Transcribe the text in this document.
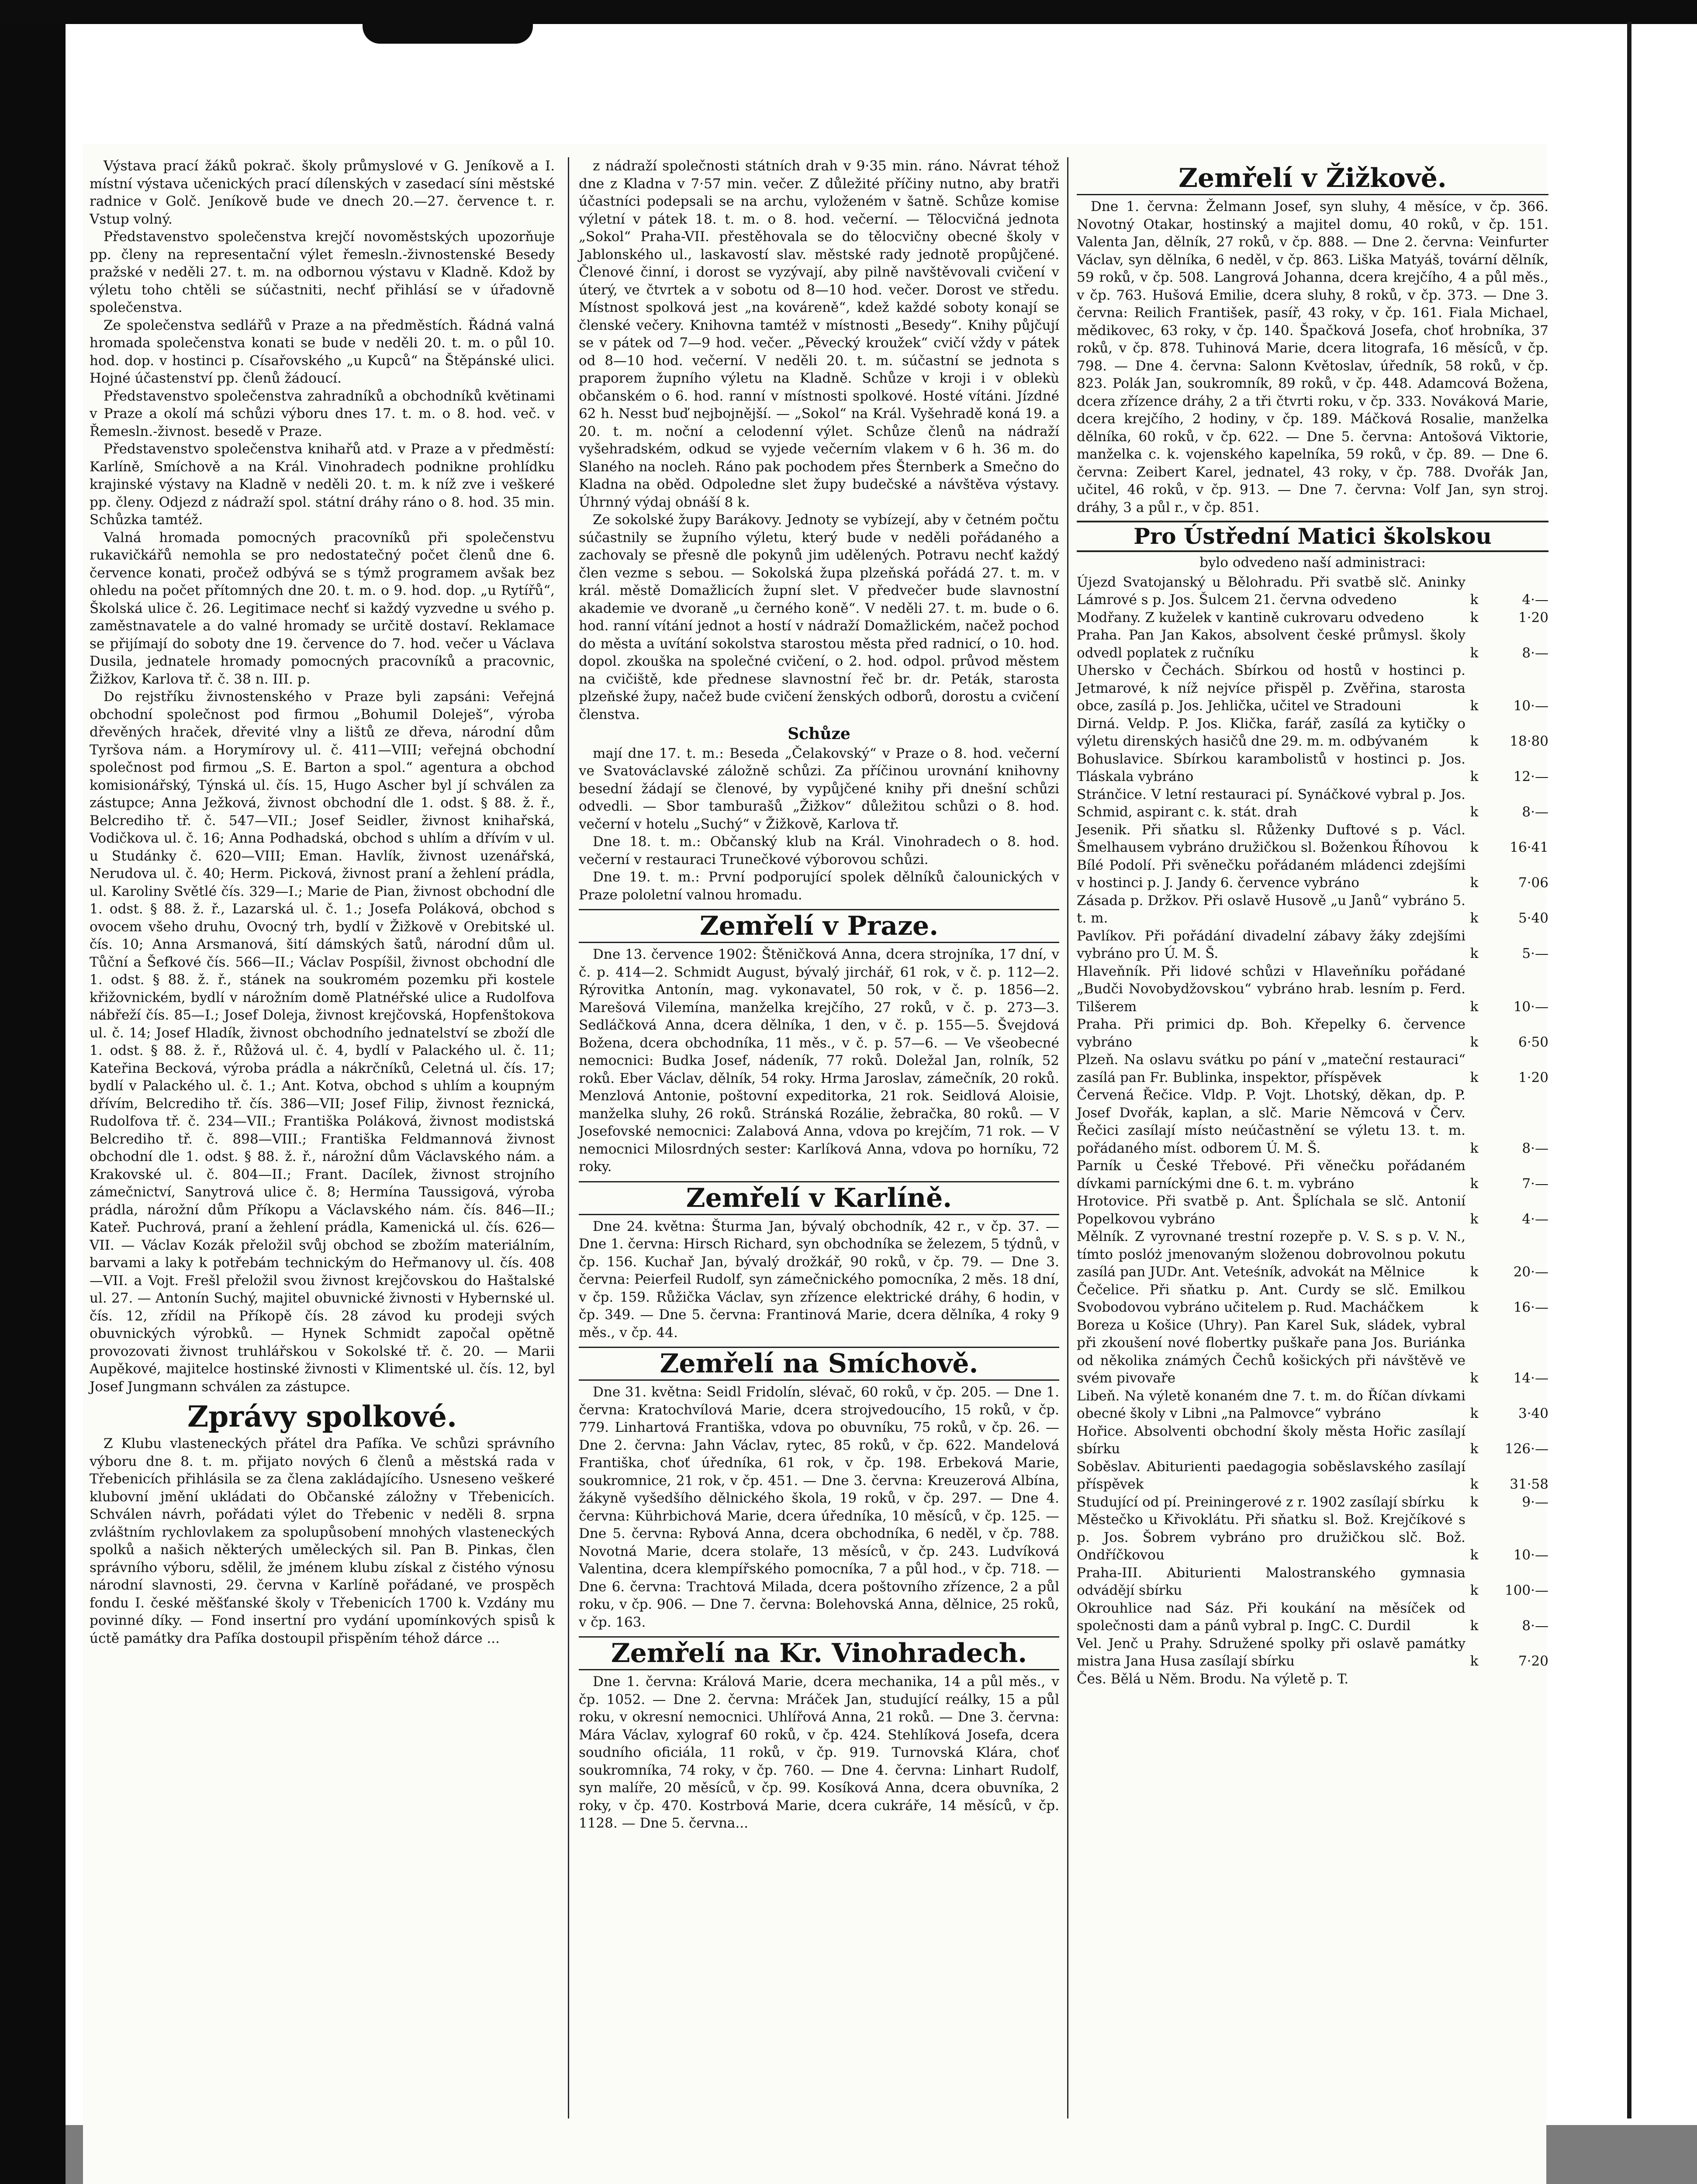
Výstava prací žáků pokrač. školy průmyslové v G. Jeníkově a I. místní výstava učenických prací dílenských v zasedací síni městské radnice v Golč. Jeníkově bude ve dnech 20.—27. července t. r. Vstup volný.

Představenstvo společenstva krejčí novoměstských upozorňuje pp. členy na representační výlet řemesln.-živnostenské Besedy pražské v neděli 27. t. m. na odbornou výstavu v Kladně. Kdož by výletu toho chtěli se súčastniti, nechť přihlásí se v úřadovně společenstva.

Ze společenstva sedlářů v Praze a na předměstích. Řádná valná hromada společenstva konati se bude v neděli 20. t. m. o půl 10. hod. dop. v hostinci p. Císařovského „u Kupců“ na Štěpánské ulici. Hojné účastenství pp. členů žádoucí.

Představenstvo společenstva zahradníků a obchodníků květinami v Praze a okolí má schůzi výboru dnes 17. t. m. o 8. hod. več. v Řemesln.-živnost. besedě v Praze.

Představenstvo společenstva knihařů atd. v Praze a v předměstí: Karlíně, Smíchově a na Král. Vinohradech podnikne prohlídku krajinské výstavy na Kladně v neděli 20. t. m. k níž zve i veškeré pp. členy. Odjezd z nádraží spol. státní dráhy ráno o 8. hod. 35 min. Schůzka tamtéž.

Valná hromada pomocných pracovníků při společenstvu rukavičkářů nemohla se pro nedostatečný počet členů dne 6. července konati, pročež odbývá se s týmž programem avšak bez ohledu na počet přítomných dne 20. t. m. o 9. hod. dop. „u Rytířů“, Školská ulice č. 26. Legitimace nechť si každý vyzvedne u svého p. zaměstnavatele a do valné hromady se určitě dostaví. Reklamace se přijímají do soboty dne 19. července do 7. hod. večer u Václava Dusila, jednatele hromady pomocných pracovníků a pracovnic, Žižkov, Karlova tř. č. 38 n. III. p.

Do rejstříku živnostenského v Praze byli zapsáni: Veřejná obchodní společnost pod firmou „Bohumil Doleješ“, výroba dřevěných hraček, dřevité vlny a lištů ze dřeva, národní dům Tyršova nám. a Horymírovy ul. č. 411—VIII; veřejná obchodní společnost pod firmou „S. E. Barton a spol.“ agentura a obchod komisionářský, Týnská ul. čís. 15, Hugo Ascher byl jí schválen za zástupce; Anna Ježková, živnost obchodní dle 1. odst. § 88. ž. ř., Belcrediho tř. č. 547—VII.; Josef Seidler, živnost knihařská, Vodičkova ul. č. 16; Anna Podhadská, obchod s uhlím a dřívím v ul. u Studánky č. 620—VIII; Eman. Havlík, živnost uzenářská, Nerudova ul. č. 40; Herm. Picková, živnost praní a žehlení prádla, ul. Karoliny Světlé čís. 329—I.; Marie de Pian, živnost obchodní dle 1. odst. § 88. ž. ř., Lazarská ul. č. 1.; Josefa Poláková, obchod s ovocem všeho druhu, Ovocný trh, bydlí v Žižkově v Orebitské ul. čís. 10; Anna Arsmanová, šití dámských šatů, národní dům ul. Tůční a Šefkové čís. 566—II.; Václav Pospíšil, živnost obchodní dle 1. odst. § 88. ž. ř., stánek na soukromém pozemku při kostele křižovnickém, bydlí v nárožním domě Platnéřské ulice a Rudolfova nábřeží čís. 85—I.; Josef Doleja, živnost krejčovská, Hopfenštokova ul. č. 14; Josef Hladík, živnost obchodního jednatelství se zboží dle 1. odst. § 88. ž. ř., Růžová ul. č. 4, bydlí v Palackého ul. č. 11; Kateřina Becková, výroba prádla a nákrčníků, Celetná ul. čís. 17; bydlí v Palackého ul. č. 1.; Ant. Kotva, obchod s uhlím a koupným dřívím, Belcrediho tř. čís. 386—VII; Josef Filip, živnost řeznická, Rudolfova tř. č. 234—VII.; Františka Poláková, živnost modistská Belcrediho tř. č. 898—VIII.; Františka Feldmannová živnost obchodní dle 1. odst. § 88. ž. ř., nárožní dům Václavského nám. a Krakovské ul. č. 804—II.; Frant. Dacílek, živnost strojního zámečnictví, Sanytrová ulice č. 8; Hermína Taussigová, výroba prádla, nárožní dům Příkopu a Václavského nám. čís. 846—II.; Kateř. Puchrová, praní a žehlení prádla, Kamenická ul. čís. 626—VII. — Václav Kozák přeložil svůj obchod se zbožím materiálním, barvami a laky k potřebám technickým do Heřmanovy ul. čís. 408—VII. a Vojt. Frešl přeložil svou živnost krejčovskou do Haštalské ul. 27. — Antonín Suchý, majitel obuvnické živnosti v Hybernské ul. čís. 12, zřídil na Příkopě čís. 28 závod ku prodeji svých obuvnických výrobků. — Hynek Schmidt započal opětně provozovati živnost truhlářskou v Sokolské tř. č. 20. — Marii Aupěkové, majitelce hostinské živnosti v Klimentské ul. čís. 12, byl Josef Jungmann schválen za zástupce.

Zprávy spolkové.

Z Klubu vlasteneckých přátel dra Pafíka. Ve schůzi správního výboru dne 8. t. m. přijato nových 6 členů a městská rada v Třebenicích přihlásila se za člena zakládajícího. Usneseno veškeré klubovní jmění ukládati do Občanské záložny v Třebenicích. Schválen návrh, pořádati výlet do Třebenic v neděli 8. srpna zvláštním rychlovlakem za spolupůsobení mnohých vlasteneckých spolků a našich některých uměleckých sil. Pan B. Pinkas, člen správního výboru, sdělil, že jménem klubu získal z čistého výnosu národní slavnosti, 29. června v Karlíně pořádané, ve prospěch fondu I. české měšťanské školy v Třebenicích 1700 k. Vzdány mu povinné díky. — Fond insertní pro vydání upomínkových spisů k úctě památky dra Pafíka dostoupil přispěním téhož dárce ...

z nádraží společnosti státních drah v 9·35 min. ráno. Návrat téhož dne z Kladna v 7·57 min. večer. Z důležité příčiny nutno, aby bratři účastníci podepsali se na archu, vyloženém v šatně. Schůze komise výletní v pátek 18. t. m. o 8. hod. večerní. — Tělocvičná jednota „Sokol“ Praha-VII. přestěhovala se do tělocvičny obecné školy v Jablonského ul., laskavostí slav. městské rady jednotě propůjčené. Členové činní, i dorost se vyzývají, aby pilně navštěvovali cvičení v úterý, ve čtvrtek a v sobotu od 8—10 hod. večer. Dorost ve středu. Místnost spolková jest „na kováreně“, kdež každé soboty konají se členské večery. Knihovna tamtéž v místnosti „Besedy“. Knihy půjčují se v pátek od 7—9 hod. večer. „Pěvecký kroužek“ cvičí vždy v pátek od 8—10 hod. večerní. V neděli 20. t. m. súčastní se jednota s praporem župního výletu na Kladně. Schůze v kroji i v oblekù občanském o 6. hod. ranní v místnosti spolkové. Hosté vítáni. Jízdné 62 h. Nesst buď nejbojnější. — „Sokol“ na Král. Vyšehradě koná 19. a 20. t. m. noční a celodenní výlet. Schůze členů na nádraží vyšehradském, odkud se vyjede večerním vlakem v 6 h. 36 m. do Slaného na nocleh. Ráno pak pochodem přes Šternberk a Smečno do Kladna na oběd. Odpoledne slet župy budečské a návštěva výstavy. Úhrnný výdaj obnáší 8 k.

Ze sokolské župy Barákovy. Jednoty se vybízejí, aby v četném počtu súčastnily se župního výletu, který bude v neděli pořádaného a zachovaly se přesně dle pokynů jim udělených. Potravu nechť každý člen vezme s sebou. — Sokolská župa plzeňská pořádá 27. t. m. v král. městě Domažlicích župní slet. V předvečer bude slavnostní akademie ve dvoraně „u černého koně“. V neděli 27. t. m. bude o 6. hod. ranní vítání jednot a hostí v nádraží Domažlickém, načež pochod do města a uvítání sokolstva starostou města před radnicí, o 10. hod. dopol. zkouška na společné cvičení, o 2. hod. odpol. průvod městem na cvičiště, kde přednese slavnostní řeč br. dr. Peták, starosta plzeňské župy, načež bude cvičení ženských odborů, dorostu a cvičení členstva.

Schůze

mají dne 17. t. m.: Beseda „Čelakovský“ v Praze o 8. hod. večerní ve Svatováclavské záložně schůzi. Za příčinou urovnání knihovny besední žádají se členové, by vypůjčené knihy při dnešní schůzi odvedli. — Sbor tamburašů „Žižkov“ důležitou schůzi o 8. hod. večerní v hotelu „Suchý“ v Žižkově, Karlova tř.

Dne 18. t. m.: Občanský klub na Král. Vinohradech o 8. hod. večerní v restauraci Trunečkové výborovou schůzi.

Dne 19. t. m.: První podporující spolek dělníků čalounických v Praze pololetní valnou hromadu.

Zemřelí v Praze.

Dne 13. července 1902: Štěničková Anna, dcera strojníka, 17 dní, v č. p. 414—2. Schmidt August, bývalý jirchář, 61 rok, v č. p. 112—2. Rýrovitka Antonín, mag. vykonavatel, 50 rok, v č. p. 1856—2. Marešová Vilemína, manželka krejčího, 27 roků, v č. p. 273—3. Sedláčková Anna, dcera dělníka, 1 den, v č. p. 155—5. Švejdová Božena, dcera obchodníka, 11 měs., v č. p. 57—6. — Ve všeobecné nemocnici: Budka Josef, nádeník, 77 roků. Doležal Jan, rolník, 52 roků. Eber Václav, dělník, 54 roky. Hrma Jaroslav, zámečník, 20 roků. Menzlová Antonie, poštovní expeditorka, 21 rok. Seidlová Aloisie, manželka sluhy, 26 roků. Stránská Rozálie, žebračka, 80 roků. — V Josefovské nemocnici: Zalabová Anna, vdova po krejčím, 71 rok. — V nemocnici Milosrdných sester: Karlíková Anna, vdova po horníku, 72 roky.

Zemřelí v Karlíně.

Dne 24. května: Šturma Jan, bývalý obchodník, 42 r., v čp. 37. — Dne 1. června: Hirsch Richard, syn obchodníka se železem, 5 týdnů, v čp. 156. Kuchař Jan, bývalý drožkář, 90 roků, v čp. 79. — Dne 3. června: Peierfeil Rudolf, syn zámečnického pomocníka, 2 měs. 18 dní, v čp. 159. Růžička Václav, syn zřízence elektrické dráhy, 6 hodin, v čp. 349. — Dne 5. června: Frantinová Marie, dcera dělníka, 4 roky 9 měs., v čp. 44.

Zemřelí na Smíchově.

Dne 31. května: Seidl Fridolín, slévač, 60 roků, v čp. 205. — Dne 1. června: Kratochvílová Marie, dcera strojvedoucího, 15 roků, v čp. 779. Linhartová Františka, vdova po obuvníku, 75 roků, v čp. 26. — Dne 2. června: Jahn Václav, rytec, 85 roků, v čp. 622. Mandelová Františka, choť úředníka, 61 rok, v čp. 198. Erbeková Marie, soukromnice, 21 rok, v čp. 451. — Dne 3. června: Kreuzerová Albína, žákyně vyšedšího dělnického škola, 19 roků, v čp. 297. — Dne 4. června: Kührbichová Marie, dcera úředníka, 10 měsíců, v čp. 125. — Dne 5. června: Rybová Anna, dcera obchodníka, 6 neděl, v čp. 788. Novotná Marie, dcera stolaře, 13 měsíců, v čp. 243. Ludvíková Valentina, dcera klempířského pomocníka, 7 a půl hod., v čp. 718. — Dne 6. června: Trachtová Milada, dcera poštovního zřízence, 2 a půl roku, v čp. 906. — Dne 7. června: Bolehovská Anna, dělnice, 25 roků, v čp. 163.

Zemřelí na Kr. Vinohradech.

Dne 1. června: Králová Marie, dcera mechanika, 14 a půl měs., v čp. 1052. — Dne 2. června: Mráček Jan, studující reálky, 15 a půl roku, v okresní nemocnici. Uhlířová Anna, 21 roků. — Dne 3. června: Mára Václav, xylograf 60 roků, v čp. 424. Stehlíková Josefa, dcera soudního oficiála, 11 roků, v čp. 919. Turnovská Klára, choť soukromníka, 74 roky, v čp. 760. — Dne 4. června: Linhart Rudolf, syn malíře, 20 měsíců, v čp. 99. Kosíková Anna, dcera obuvníka, 2 roky, v čp. 470. Kostrbová Marie, dcera cukráře, 14 měsíců, v čp. 1128. — Dne 5. června...

Zemřelí v Žižkově.

Dne 1. června: Želmann Josef, syn sluhy, 4 měsíce, v čp. 366. Novotný Otakar, hostinský a majitel domu, 40 roků, v čp. 151. Valenta Jan, dělník, 27 roků, v čp. 888. — Dne 2. června: Veinfurter Václav, syn dělníka, 6 neděl, v čp. 863. Liška Matyáš, tovární dělník, 59 roků, v čp. 508. Langrová Johanna, dcera krejčího, 4 a půl měs., v čp. 763. Hušová Emilie, dcera sluhy, 8 roků, v čp. 373. — Dne 3. června: Reilich František, pasíř, 43 roky, v čp. 161. Fiala Michael, mědikovec, 63 roky, v čp. 140. Špačková Josefa, choť hrobníka, 37 roků, v čp. 878. Tuhinová Marie, dcera litografa, 16 měsíců, v čp. 798. — Dne 4. června: Salonn Květoslav, úředník, 58 roků, v čp. 823. Polák Jan, soukromník, 89 roků, v čp. 448. Adamcová Božena, dcera zřízence dráhy, 2 a tři čtvrti roku, v čp. 333. Nováková Marie, dcera krejčího, 2 hodiny, v čp. 189. Máčková Rosalie, manželka dělníka, 60 roků, v čp. 622. — Dne 5. června: Antošová Viktorie, manželka c. k. vojenského kapelníka, 59 roků, v čp. 89. — Dne 6. června: Zeibert Karel, jednatel, 43 roky, v čp. 788. Dvořák Jan, učitel, 46 roků, v čp. 913. — Dne 7. června: Volf Jan, syn stroj. dráhy, 3 a půl r., v čp. 851.

Pro Ústřední Matici školskou
bylo odvedeno naší administraci:
Újezd Svatojanský u Bělohradu. Při svatbě slč. Aninky Lámrové s p. Jos. Šulcem 21. června odvedeno	k	4·—
Modřany. Z kuželek v kantině cukrovaru odvedeno	k	1·20
Praha. Pan Jan Kakos, absolvent české průmysl. školy odvedl poplatek z ručníku	k	8·—
Uhersko v Čechách. Sbírkou od hostů v hostinci p. Jetmarové, k níž nejvíce přispěl p. Zvěřina, starosta obce, zasílá p. Jos. Jehlička, učitel ve Stradouni	k	10·—
Dirná. Veldp. P. Jos. Klička, farář, zasílá za kytičky o výletu direnských hasičů dne 29. m. m. odbývaném	k	18·80
Bohuslavice. Sbírkou karambolistů v hostinci p. Jos. Tláskala vybráno	k	12·—
Stránčice. V letní restauraci pí. Synáčkové vybral p. Jos. Schmid, aspirant c. k. stát. drah	k	8·—
Jesenik. Při sňatku sl. Růženky Duftové s p. Václ. Šmelhausem vybráno družičkou sl. Boženkou Říhovou	k	16·41
Bílé Podolí. Při svěnečku pořádaném mládenci zdejšími v hostinci p. J. Jandy 6. července vybráno	k	7·06
Zásada p. Držkov. Při oslavě Husově „u Janů“ vybráno 5. t. m.	k	5·40
Pavlíkov. Při pořádání divadelní zábavy žáky zdejšími vybráno pro Ú. M. Š.	k	5·—
Hlaveňník. Při lidové schůzi v Hlaveňníku pořádané „Budči Novobydžovskou“ vybráno hrab. lesním p. Ferd. Tilšerem	k	10·—
Praha. Při primici dp. Boh. Křepelky 6. července vybráno	k	6·50
Plzeň. Na oslavu svátku po pání v „mateční restauraci“ zasílá pan Fr. Bublinka, inspektor, příspěvek	k	1·20
Červená Řečice. Vldp. P. Vojt. Lhotský, děkan, dp. P. Josef Dvořák, kaplan, a slč. Marie Němcová v Červ. Řečici zasílají místo neúčastnění se výletu 13. t. m. pořádaného míst. odborem Ú. M. Š.	k	8·—
Parník u České Třebové. Při věnečku pořádaném dívkami parníckými dne 6. t. m. vybráno	k	7·—
Hrotovice. Při svatbě p. Ant. Šplíchala se slč. Antonií Popelkovou vybráno	k	4·—
Mělník. Z vyrovnané trestní rozepře p. V. S. s p. V. N., tímto poslóż jmenovaným složenou dobrovolnou pokutu zasílá pan JUDr. Ant. Veteśník, advokát na Mělnice	k	20·—
Čečelice. Při sňatku p. Ant. Curdy se slč. Emilkou Svobodovou vybráno učitelem p. Rud. Macháčkem	k	16·—
Boreza u Košice (Uhry). Pan Karel Suk, sládek, vybral při zkoušení nové flobertky puškaře pana Jos. Buriánka od několika známých Čechů košických při návštěvě ve svém pivovaře	k	14·—
Libeň. Na výletě konaném dne 7. t. m. do Říčan dívkami obecné školy v Libni „na Palmovce“ vybráno	k	3·40
Hořice. Absolventi obchodní školy města Hořic zasílají sbírku	k	126·—
Soběslav. Abiturienti paedagogia soběslavského zasílají příspěvek	k	31·58
Studující od pí. Preiningerové z r. 1902 zasílají sbírku	k	9·—
Městečko u Křivoklátu. Při sňatku sl. Bož. Krejčíkové s p. Jos. Šobrem vybráno pro družičkou slč. Bož. Ondříčkovou	k	10·—
Praha-III. Abiturienti Malostranského gymnasia odvádějí sbírku	k	100·—
Okrouhlice nad Sáz. Při koukání na měsíček od společnosti dam a pánů vybral p. IngC. C. Durdil	k	8·—
Vel. Jenč u Prahy. Sdružené spolky při oslavě památky mistra Jana Husa zasílají sbírku	k	7·20
Čes. Bělá u Něm. Brodu. Na výletě p. T.		
